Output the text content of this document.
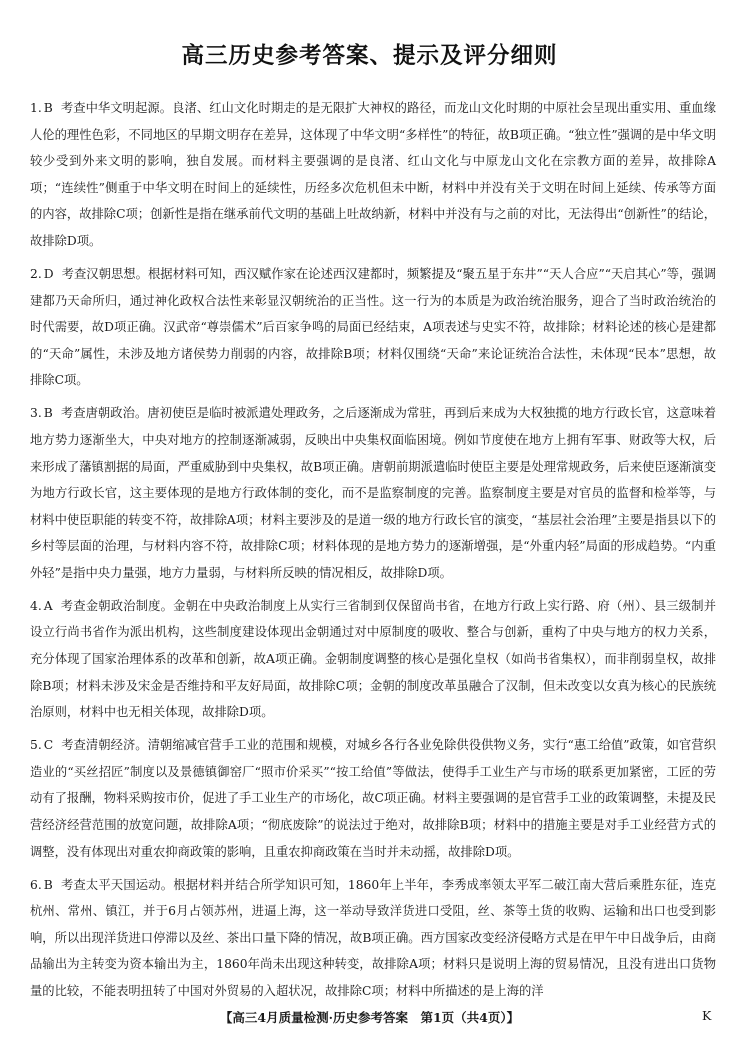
高三历史参考答案、提示及评分细则

1. B 考查中华文明起源。良渚、红山文化时期走的是无限扩大神权的路径，而龙山文化时期的中原社会呈现出重实用、重血缘人伦的理性色彩，不同地区的早期文明存在差异，这体现了中华文明“多样性”的特征，故B项正确。“独立性”强调的是中华文明较少受到外来文明的影响，独自发展。而材料主要强调的是良渚、红山文化与中原龙山文化在宗教方面的差异，故排除A项；“连续性”侧重于中华文明在时间上的延续性，历经多次危机但未中断，材料中并没有关于文明在时间上延续、传承等方面的内容，故排除C项；创新性是指在继承前代文明的基础上吐故纳新，材料中并没有与之前的对比，无法得出“创新性”的结论，故排除D项。

2. D 考查汉朝思想。根据材料可知，西汉赋作家在论述西汉建都时，频繁提及“聚五星于东井”“天人合应”“天启其心”等，强调建都乃天命所归，通过神化政权合法性来彰显汉朝统治的正当性。这一行为的本质是为政治统治服务，迎合了当时政治统治的时代需要，故D项正确。汉武帝“尊崇儒术”后百家争鸣的局面已经结束，A项表述与史实不符，故排除；材料论述的核心是建都的“天命”属性，未涉及地方诸侯势力削弱的内容，故排除B项；材料仅围绕“天命”来论证统治合法性，未体现“民本”思想，故排除C项。

3. B 考查唐朝政治。唐初使臣是临时被派遣处理政务，之后逐渐成为常驻，再到后来成为大权独揽的地方行政长官，这意味着地方势力逐渐坐大，中央对地方的控制逐渐减弱，反映出中央集权面临困境。例如节度使在地方上拥有军事、财政等大权，后来形成了藩镇割据的局面，严重威胁到中央集权，故B项正确。唐朝前期派遣临时使臣主要是处理常规政务，后来使臣逐渐演变为地方行政长官，这主要体现的是地方行政体制的变化，而不是监察制度的完善。监察制度主要是对官员的监督和检举等，与材料中使臣职能的转变不符，故排除A项；材料主要涉及的是道一级的地方行政长官的演变，“基层社会治理”主要是指县以下的乡村等层面的治理，与材料内容不符，故排除C项；材料体现的是地方势力的逐渐增强，是“外重内轻”局面的形成趋势。“内重外轻”是指中央力量强，地方力量弱，与材料所反映的情况相反，故排除D项。

4. A 考查金朝政治制度。金朝在中央政治制度上从实行三省制到仅保留尚书省，在地方行政上实行路、府（州）、县三级制并设立行尚书省作为派出机构，这些制度建设体现出金朝通过对中原制度的吸收、整合与创新，重构了中央与地方的权力关系，充分体现了国家治理体系的改革和创新，故A项正确。金朝制度调整的核心是强化皇权（如尚书省集权），而非削弱皇权，故排除B项；材料未涉及宋金是否维持和平友好局面，故排除C项；金朝的制度改革虽融合了汉制，但未改变以女真为核心的民族统治原则，材料中也无相关体现，故排除D项。

5. C 考查清朝经济。清朝缩减官营手工业的范围和规模，对城乡各行各业免除供役供物义务，实行“惠工给值”政策，如官营织造业的“买丝招匠”制度以及景德镇御窑厂“照市价采买”“按工给值”等做法，使得手工业生产与市场的联系更加紧密，工匠的劳动有了报酬，物料采购按市价，促进了手工业生产的市场化，故C项正确。材料主要强调的是官营手工业的政策调整，未提及民营经济经营范围的放宽问题，故排除A项；“彻底废除”的说法过于绝对，故排除B项；材料中的措施主要是对手工业经营方式的调整，没有体现出对重农抑商政策的影响，且重农抑商政策在当时并未动摇，故排除D项。

6. B 考查太平天国运动。根据材料并结合所学知识可知，1860年上半年，李秀成率领太平军二破江南大营后乘胜东征，连克杭州、常州、镇江，并于6月占领苏州，进逼上海，这一举动导致洋货进口受阻，丝、茶等土货的收购、运输和出口也受到影响，所以出现洋货进口停滞以及丝、茶出口量下降的情况，故B项正确。西方国家改变经济侵略方式是在甲午中日战争后，由商品输出为主转变为资本输出为主，1860年尚未出现这种转变，故排除A项；材料只是说明上海的贸易情况，且没有进出口货物量的比较，不能表明扭转了中国对外贸易的入超状况，故排除C项；材料中所描述的是上海的洋

【高三4月质量检测·历史参考答案　第1页（共4页）】	K
